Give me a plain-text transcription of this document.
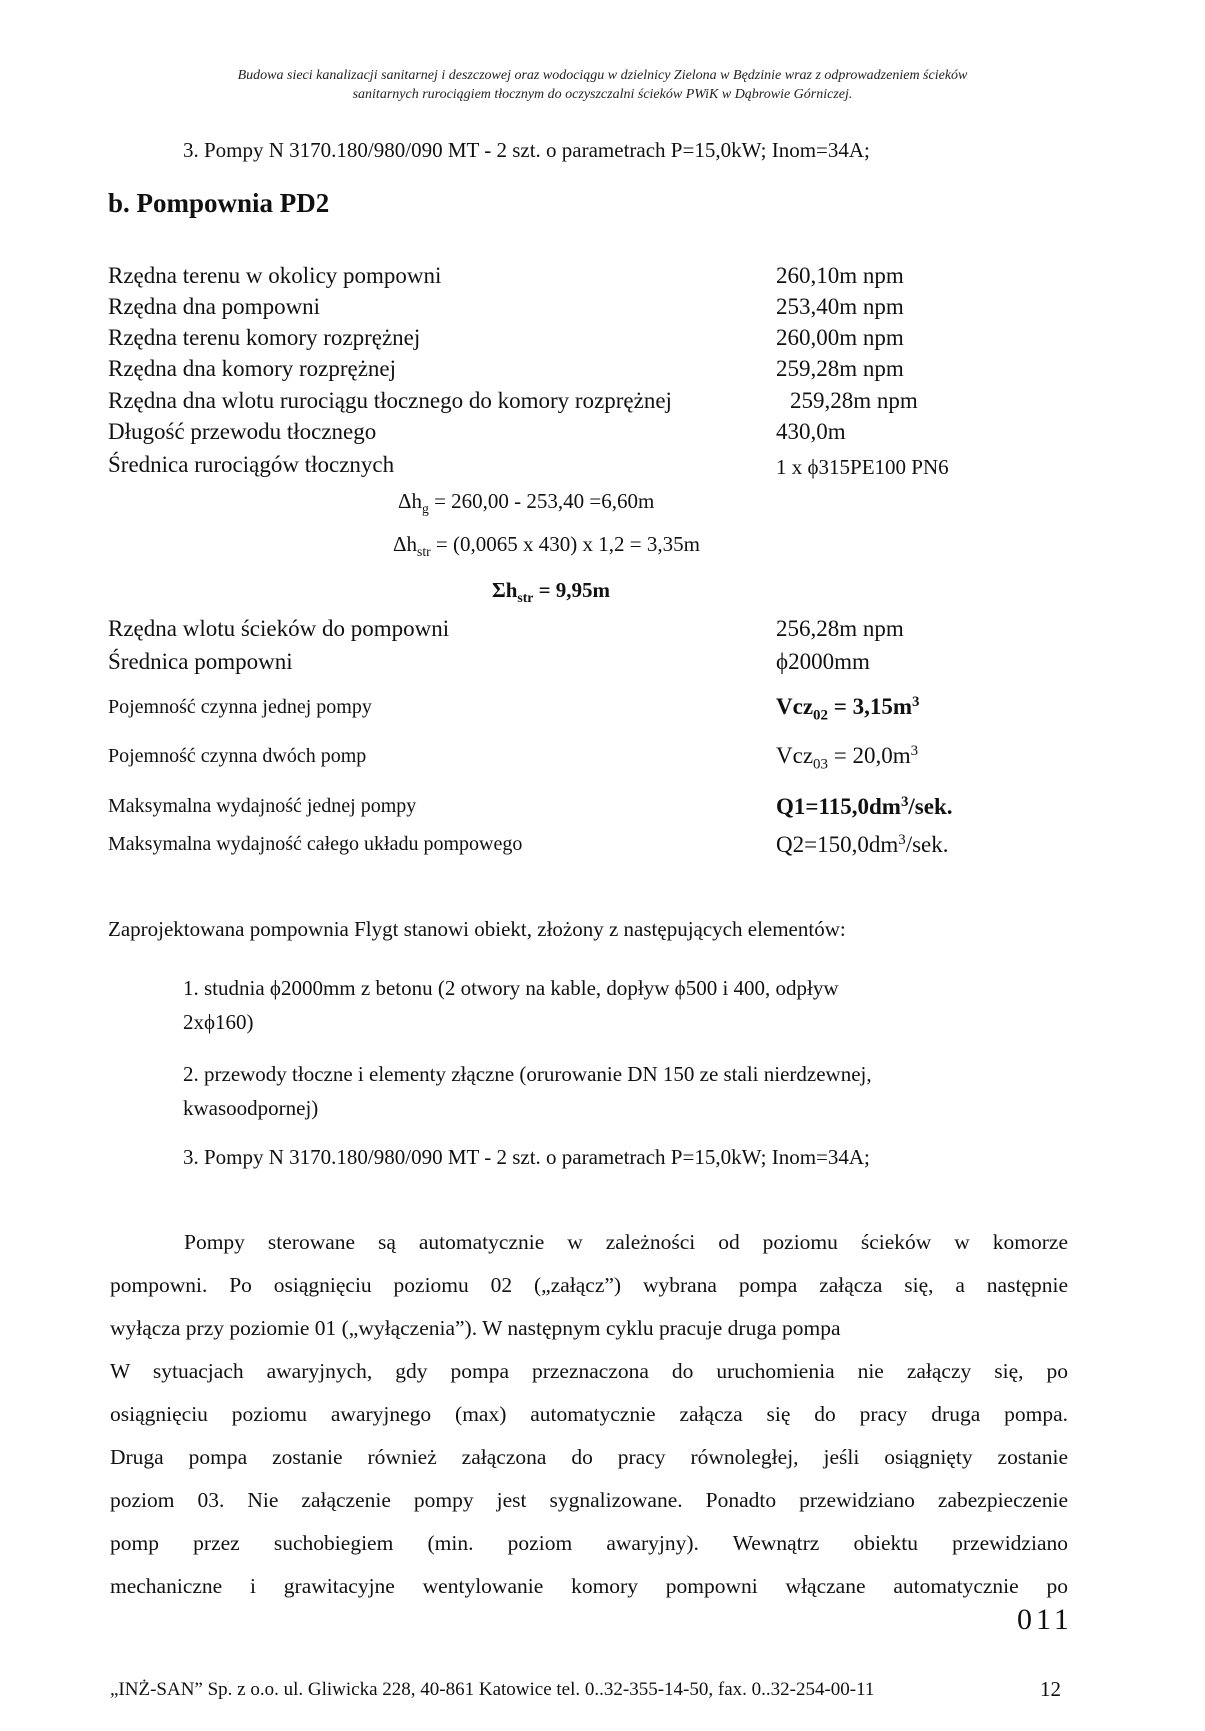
Budowa sieci kanalizacji sanitarnej i deszczowej oraz wodociągu w dzielnicy Zielona w Będzinie wraz z odprowadzeniem ścieków
sanitarnych rurociągiem tłocznym do oczyszczalni ścieków PWiK w Dąbrowie Górniczej.
3. Pompy N 3170.180/980/090 MT - 2 szt. o parametrach P=15,0kW; Inom=34A;
b. Pompownia PD2
Rzędna terenu w okolicy pompowni	260,10m npm
Rzędna dna pompowni	253,40m npm
Rzędna terenu komory rozprężnej	260,00m npm
Rzędna dna komory rozprężnej	259,28m npm
Rzędna dna wlotu rurociągu tłocznego do komory rozprężnej	259,28m npm
Długość przewodu tłocznego	430,0m
Średnica rurociągów tłocznych	1 x ϕ315PE100 PN6
$\Delta h_g = 260,00 - 253,40 =6,60m$
$\Delta h_{str} = (0,0065$ x 430) x 1,2 = 3,35m
$\Sigma h_{str} = 9,95m$
Rzędna wlotu ścieków do pompowni	256,28m npm
Średnica pompowni	ϕ2000mm
Pojemność czynna jednej pompy	$Vcz_{02} = 3,15m^3$
Pojemność czynna dwóch pomp	$Vcz_{03} = 20,0m^3$
Maksymalna wydajność jednej pompy	$Q1=115,0dm^3$/sek.
Maksymalna wydajność całego układu pompowego	$Q2=150,0dm^3$/sek.
Zaprojektowana pompownia Flygt stanowi obiekt, złożony z następujących elementów:
1. studnia ϕ2000mm z betonu (2 otwory na kable, dopływ ϕ500 i 400, odpływ
2xϕ160)
2. przewody tłoczne i elementy złączne (orurowanie DN 150 ze stali nierdzewnej,
kwasoodpornej)
3. Pompy N 3170.180/980/090 MT - 2 szt. o parametrach P=15,0kW; Inom=34A;
Pompy sterowane są automatycznie w zależności od poziomu ścieków w komorze
pompowni. Po osiągnięciu poziomu 02 („załącz”) wybrana pompa załącza się, a następnie
wyłącza przy poziomie 01 („wyłączenia”). W następnym cyklu pracuje druga pompa
W sytuacjach awaryjnych, gdy pompa przeznaczona do uruchomienia nie załączy się, po
osiągnięciu poziomu awaryjnego (max) automatycznie załącza się do pracy druga pompa.
Druga pompa zostanie również załączona do pracy równoległej, jeśli osiągnięty zostanie
poziom 03. Nie załączenie pompy jest sygnalizowane. Ponadto przewidziano zabezpieczenie
pomp przez suchobiegiem (min. poziom awaryjny). Wewnątrz obiektu przewidziano
mechaniczne i grawitacyjne wentylowanie komory pompowni włączane automatycznie po
011
„INŻ-SAN” Sp. z o.o. ul. Gliwicka 228, 40-861 Katowice tel. 0..32-355-14-50, fax. 0..32-254-00-11	12
